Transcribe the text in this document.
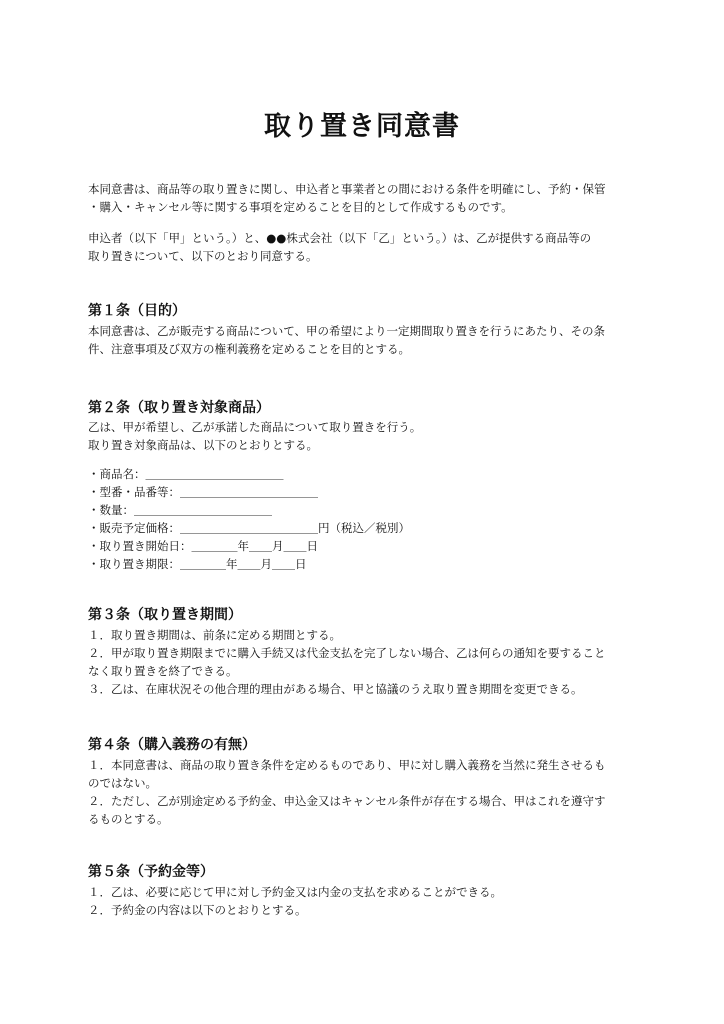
取り置き同意書

本同意書は、商品等の取り置きに関し、申込者と事業者との間における条件を明確にし、予約・保管
・購入・キャンセル等に関する事項を定めることを目的として作成するものです。

申込者（以下「甲」という。）と、●●株式会社（以下「乙」という。）は、乙が提供する商品等の
取り置きについて、以下のとおり同意する。

第１条（目的）

本同意書は、乙が販売する商品について、甲の希望により一定期間取り置きを行うにあたり、その条
件、注意事項及び双方の権利義務を定めることを目的とする。

第２条（取り置き対象商品）

乙は、甲が希望し、乙が承諾した商品について取り置きを行う。
取り置き対象商品は、以下のとおりとする。

・商品名：＿＿＿＿＿＿＿＿＿＿＿＿
・型番・品番等：＿＿＿＿＿＿＿＿＿＿＿＿
・数量：＿＿＿＿＿＿＿＿＿＿＿＿
・販売予定価格：＿＿＿＿＿＿＿＿＿＿＿＿円（税込／税別）
・取り置き開始日：＿＿＿＿年＿＿月＿＿日
・取り置き期限：＿＿＿＿年＿＿月＿＿日

第３条（取り置き期間）

１．取り置き期間は、前条に定める期間とする。
２．甲が取り置き期限までに購入手続又は代金支払を完了しない場合、乙は何らの通知を要すること
なく取り置きを終了できる。
３．乙は、在庫状況その他合理的理由がある場合、甲と協議のうえ取り置き期間を変更できる。

第４条（購入義務の有無）

１．本同意書は、商品の取り置き条件を定めるものであり、甲に対し購入義務を当然に発生させるも
のではない。
２．ただし、乙が別途定める予約金、申込金又はキャンセル条件が存在する場合、甲はこれを遵守す
るものとする。

第５条（予約金等）

１．乙は、必要に応じて甲に対し予約金又は内金の支払を求めることができる。
２．予約金の内容は以下のとおりとする。
